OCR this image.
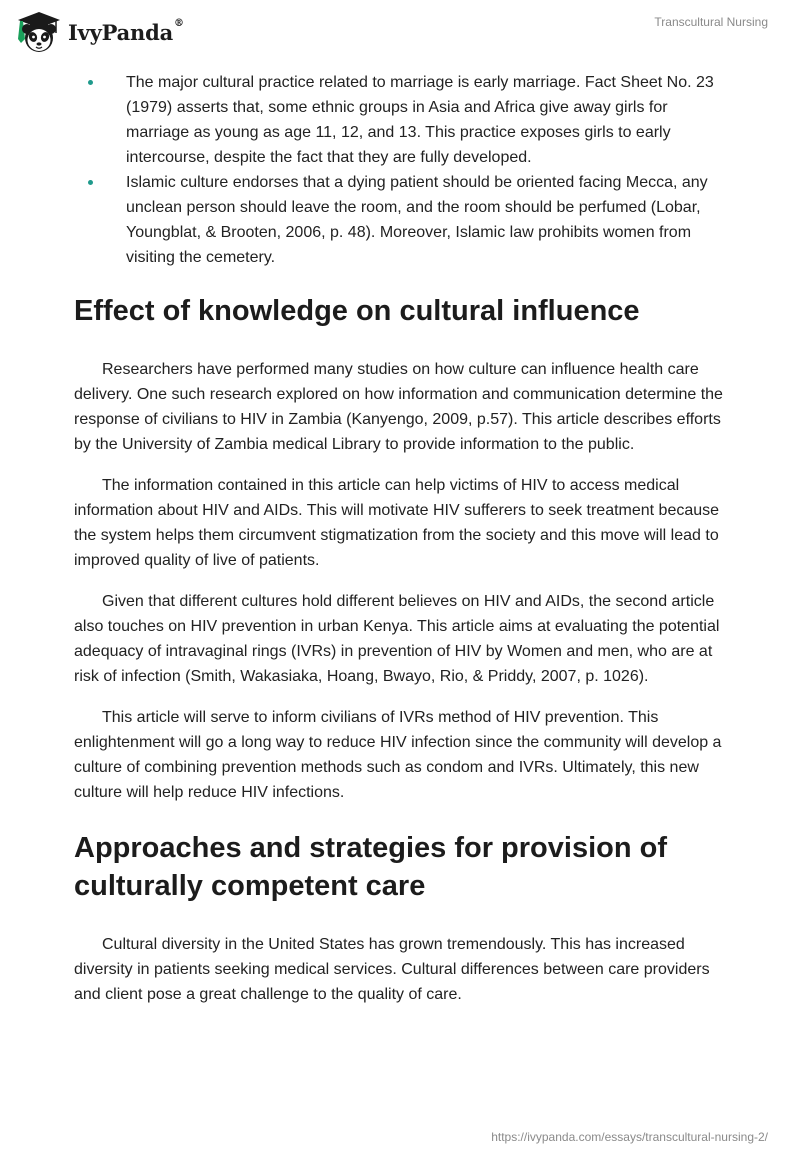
IvyPanda®	Transcultural Nursing
The major cultural practice related to marriage is early marriage. Fact Sheet No. 23 (1979) asserts that, some ethnic groups in Asia and Africa give away girls for marriage as young as age 11, 12, and 13. This practice exposes girls to early intercourse, despite the fact that they are fully developed.
Islamic culture endorses that a dying patient should be oriented facing Mecca, any unclean person should leave the room, and the room should be perfumed (Lobar, Youngblat, & Brooten, 2006, p. 48). Moreover, Islamic law prohibits women from visiting the cemetery.
Effect of knowledge on cultural influence

Researchers have performed many studies on how culture can influence health care delivery. One such research explored on how information and communication determine the response of civilians to HIV in Zambia (Kanyengo, 2009, p.57). This article describes efforts by the University of Zambia medical Library to provide information to the public.

The information contained in this article can help victims of HIV to access medical information about HIV and AIDs. This will motivate HIV sufferers to seek treatment because the system helps them circumvent stigmatization from the society and this move will lead to improved quality of live of patients.

Given that different cultures hold different believes on HIV and AIDs, the second article also touches on HIV prevention in urban Kenya. This article aims at evaluating the potential adequacy of intravaginal rings (IVRs) in prevention of HIV by Women and men, who are at risk of infection (Smith, Wakasiaka, Hoang, Bwayo, Rio, & Priddy, 2007, p. 1026).

This article will serve to inform civilians of IVRs method of HIV prevention. This enlightenment will go a long way to reduce HIV infection since the community will develop a culture of combining prevention methods such as condom and IVRs. Ultimately, this new culture will help reduce HIV infections.

Approaches and strategies for provision of culturally competent care

Cultural diversity in the United States has grown tremendously. This has increased diversity in patients seeking medical services. Cultural differences between care providers and client pose a great challenge to the quality of care.

https://ivypanda.com/essays/transcultural-nursing-2/
